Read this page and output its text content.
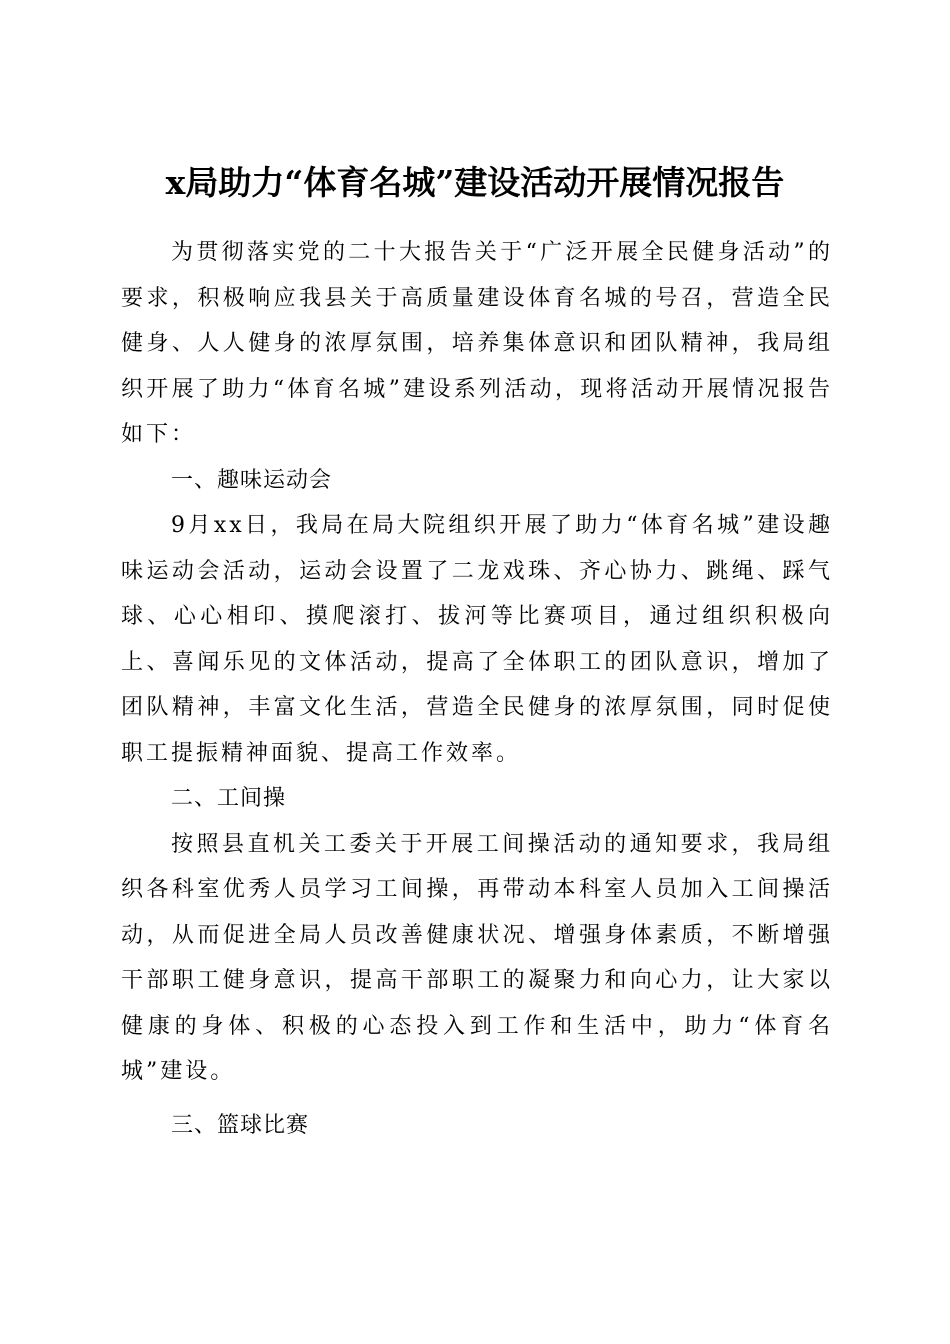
x局助力“体育名城”建设活动开展情况报告

为贯彻落实党的二十大报告关于“广泛开展全民健身活动”的要求，积极响应我县关于高质量建设体育名城的号召，营造全民健身、人人健身的浓厚氛围，培养集体意识和团队精神，我局组织开展了助力“体育名城”建设系列活动，现将活动开展情况报告如下：

一、趣味运动会

9月xx日，我局在局大院组织开展了助力“体育名城”建设趣味运动会活动，运动会设置了二龙戏珠、齐心协力、跳绳、踩气球、心心相印、摸爬滚打、拔河等比赛项目，通过组织积极向上、喜闻乐见的文体活动，提高了全体职工的团队意识，增加了团队精神，丰富文化生活，营造全民健身的浓厚氛围，同时促使职工提振精神面貌、提高工作效率。

二、工间操

按照县直机关工委关于开展工间操活动的通知要求，我局组织各科室优秀人员学习工间操，再带动本科室人员加入工间操活动，从而促进全局人员改善健康状况、增强身体素质，不断增强干部职工健身意识，提高干部职工的凝聚力和向心力，让大家以健康的身体、积极的心态投入到工作和生活中，助力“体育名城”建设。

三、篮球比赛
